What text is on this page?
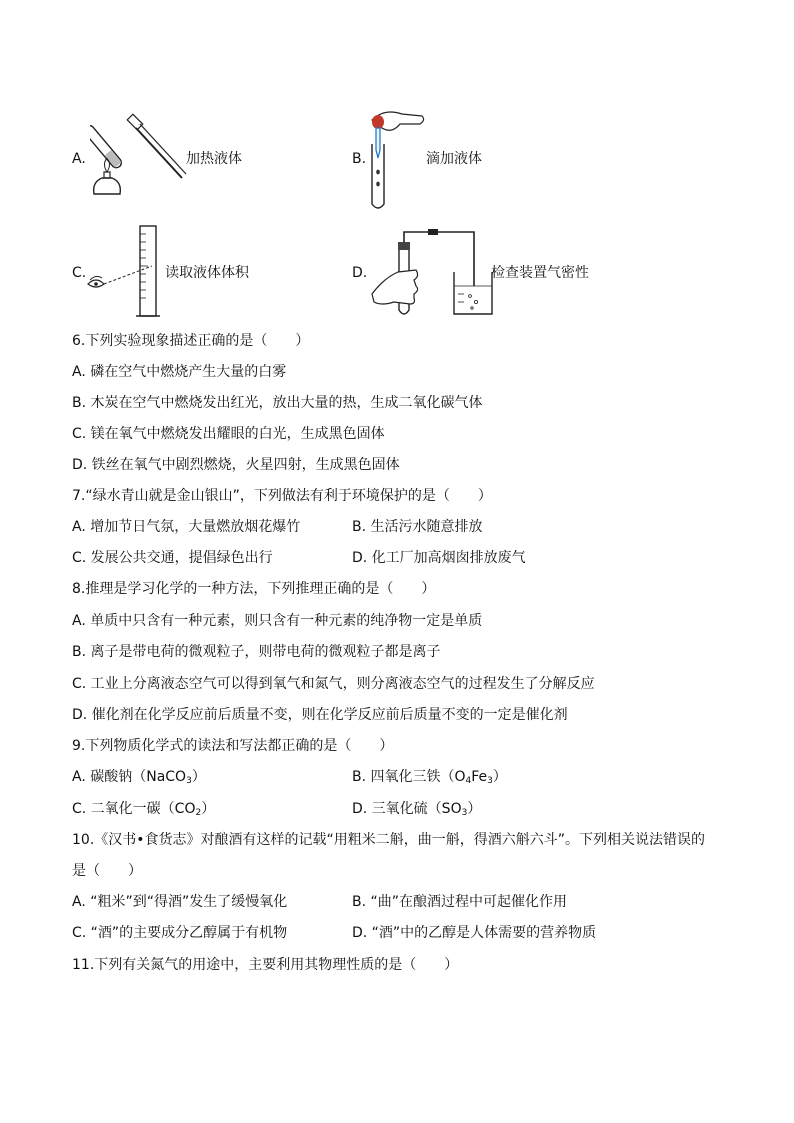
A.	加热液体	B.	滴加液体
C.	读取液体体积	D.	检查装置气密性
6.下列实验现象描述正确的是（　　）
A. 磷在空气中燃烧产生大量的白雾
B. 木炭在空气中燃烧发出红光，放出大量的热，生成二氧化碳气体
C. 镁在氧气中燃烧发出耀眼的白光，生成黑色固体
D. 铁丝在氧气中剧烈燃烧，火星四射，生成黑色固体
7.“绿水青山就是金山银山”，下列做法有利于环境保护的是（　　）
A. 增加节日气氛，大量燃放烟花爆竹	B. 生活污水随意排放
C. 发展公共交通，提倡绿色出行	D. 化工厂加高烟囱排放废气
8.推理是学习化学的一种方法，下列推理正确的是（　　）
A. 单质中只含有一种元素，则只含有一种元素的纯净物一定是单质
B. 离子是带电荷的微观粒子，则带电荷的微观粒子都是离子
C. 工业上分离液态空气可以得到氧气和氮气，则分离液态空气的过程发生了分解反应
D. 催化剂在化学反应前后质量不变，则在化学反应前后质量不变的一定是催化剂
9.下列物质化学式的读法和写法都正确的是（　　）
A. 碳酸钠（NaCO$_3$）	B. 四氧化三铁$(O_4Fe_3)$
C. 二氧化一碳$(CO_2)$	D. 三氧化硫$(SO_3)$
10.《汉书•食货志》对酿酒有这样的记载“用粗米二斛，曲一斛，得酒六斛六斗”。下列相关说法错误的
是（　　）
A. “粗米”到“得酒”发生了缓慢氧化	B. “曲”在酿酒过程中可起催化作用
C. “酒”的主要成分乙醇属于有机物	D. “酒”中的乙醇是人体需要的营养物质
11.下列有关氮气的用途中，主要利用其物理性质的是（　　）
